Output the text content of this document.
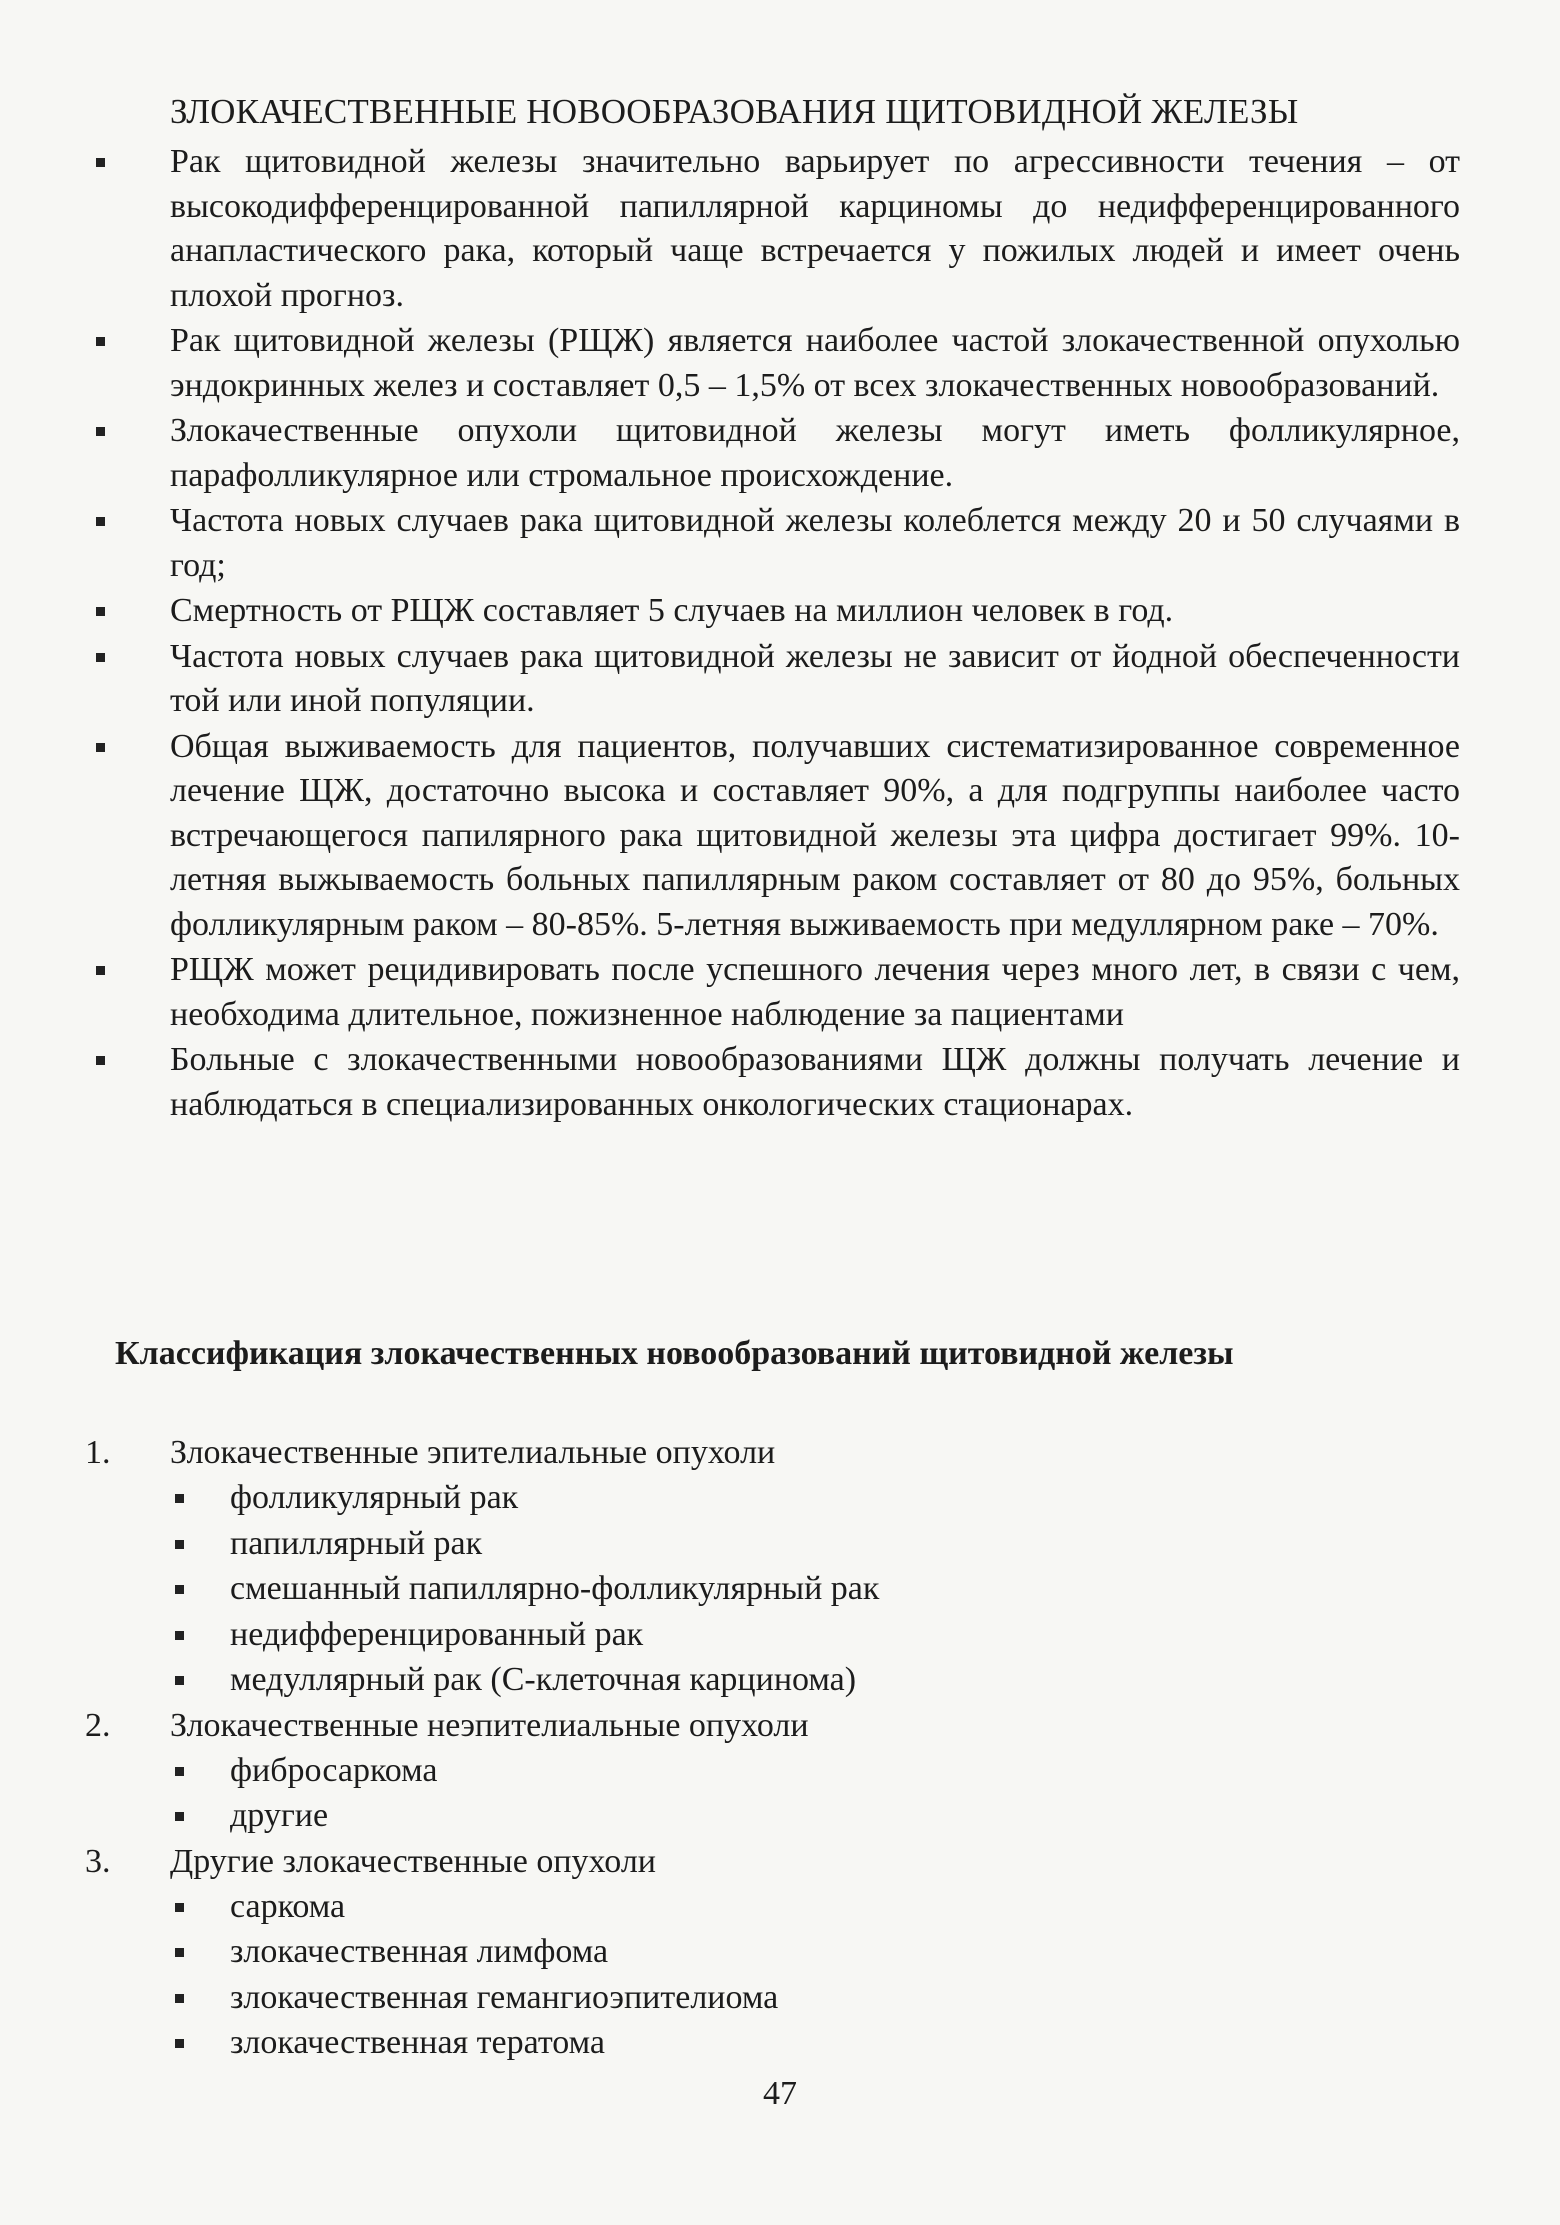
ЗЛОКАЧЕСТВЕННЫЕ НОВООБРАЗОВАНИЯ ЩИТОВИДНОЙ ЖЕЛЕЗЫ
Рак щитовидной железы значительно варьирует по агрессивности течения – от высокодифференцированной папиллярной карциномы до недифференцированного анапластического рака, который чаще встречается у пожилых людей и имеет очень плохой прогноз.
Рак щитовидной железы (РЩЖ) является наиболее частой злокачественной опухолью эндокринных желез и составляет 0,5 – 1,5% от всех злокачественных новообразований.
Злокачественные опухоли щитовидной железы могут иметь фолликулярное, парафолликулярное или стромальное происхождение.
Частота новых случаев рака щитовидной железы колеблется между 20 и 50 случаями в год;
Смертность от РЩЖ составляет 5 случаев на миллион человек в год.
Частота новых случаев рака щитовидной железы не зависит от йодной обеспеченности той или иной популяции.
Общая выживаемость для пациентов, получавших систематизированное современное лечение ЩЖ, достаточно высока и составляет 90%, а для подгруппы наиболее часто встречающегося папилярного рака щитовидной железы эта цифра достигает 99%. 10-летняя выжываемость больных папиллярным раком составляет от 80 до 95%, больных фолликулярным раком – 80-85%. 5-летняя выживаемость при медуллярном раке – 70%.
РЩЖ может рецидивировать после успешного лечения через много лет, в связи с чем, необходима длительное, пожизненное наблюдение за пациентами
Больные с злокачественными новообразованиями ЩЖ должны получать лечение и наблюдаться в специализированных онкологических стационарах.
Классификация злокачественных новообразований щитовидной железы
1.	Злокачественные эпителиальные опухоли
фолликулярный рак
папиллярный рак
смешанный папиллярно-фолликулярный рак
недифференцированный рак
медуллярный рак (С-клеточная карцинома)
2.	Злокачественные неэпителиальные опухоли
фибросаркома
другие
3.	Другие злокачественные опухоли
саркома
злокачественная лимфома
злокачественная гемангиоэпителиома
злокачественная тератома
47
